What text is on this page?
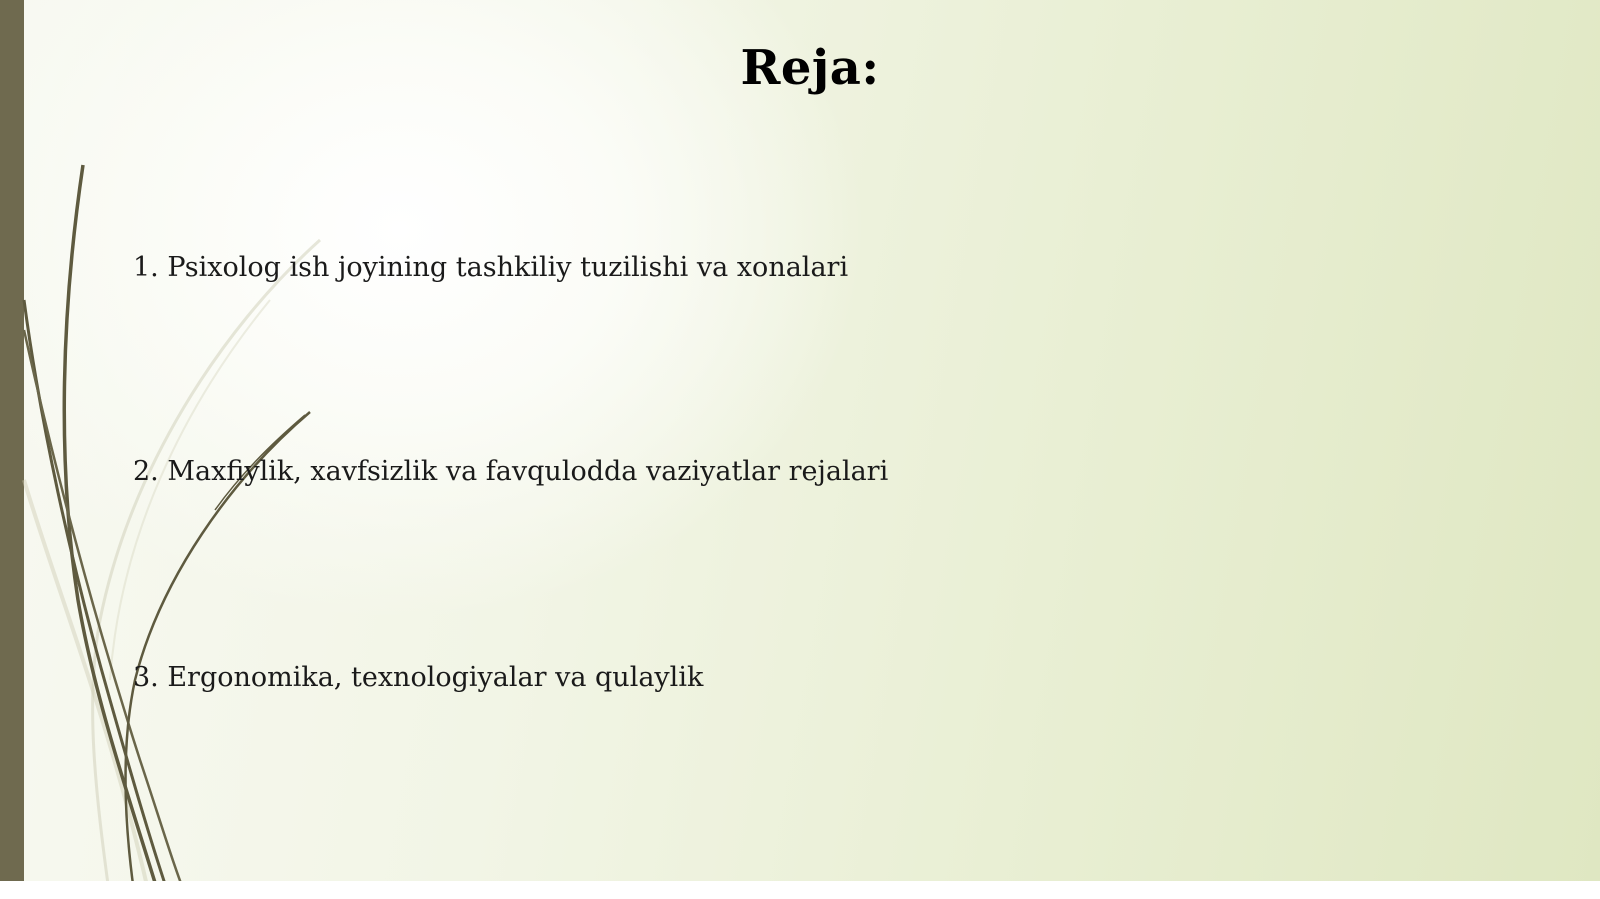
Reja:
1. Psixolog ish joyining tashkiliy tuzilishi va xonalari
2. Maxfiylik, xavfsizlik va favqulodda vaziyatlar rejalari
3. Ergonomika, texnologiyalar va qulaylik
